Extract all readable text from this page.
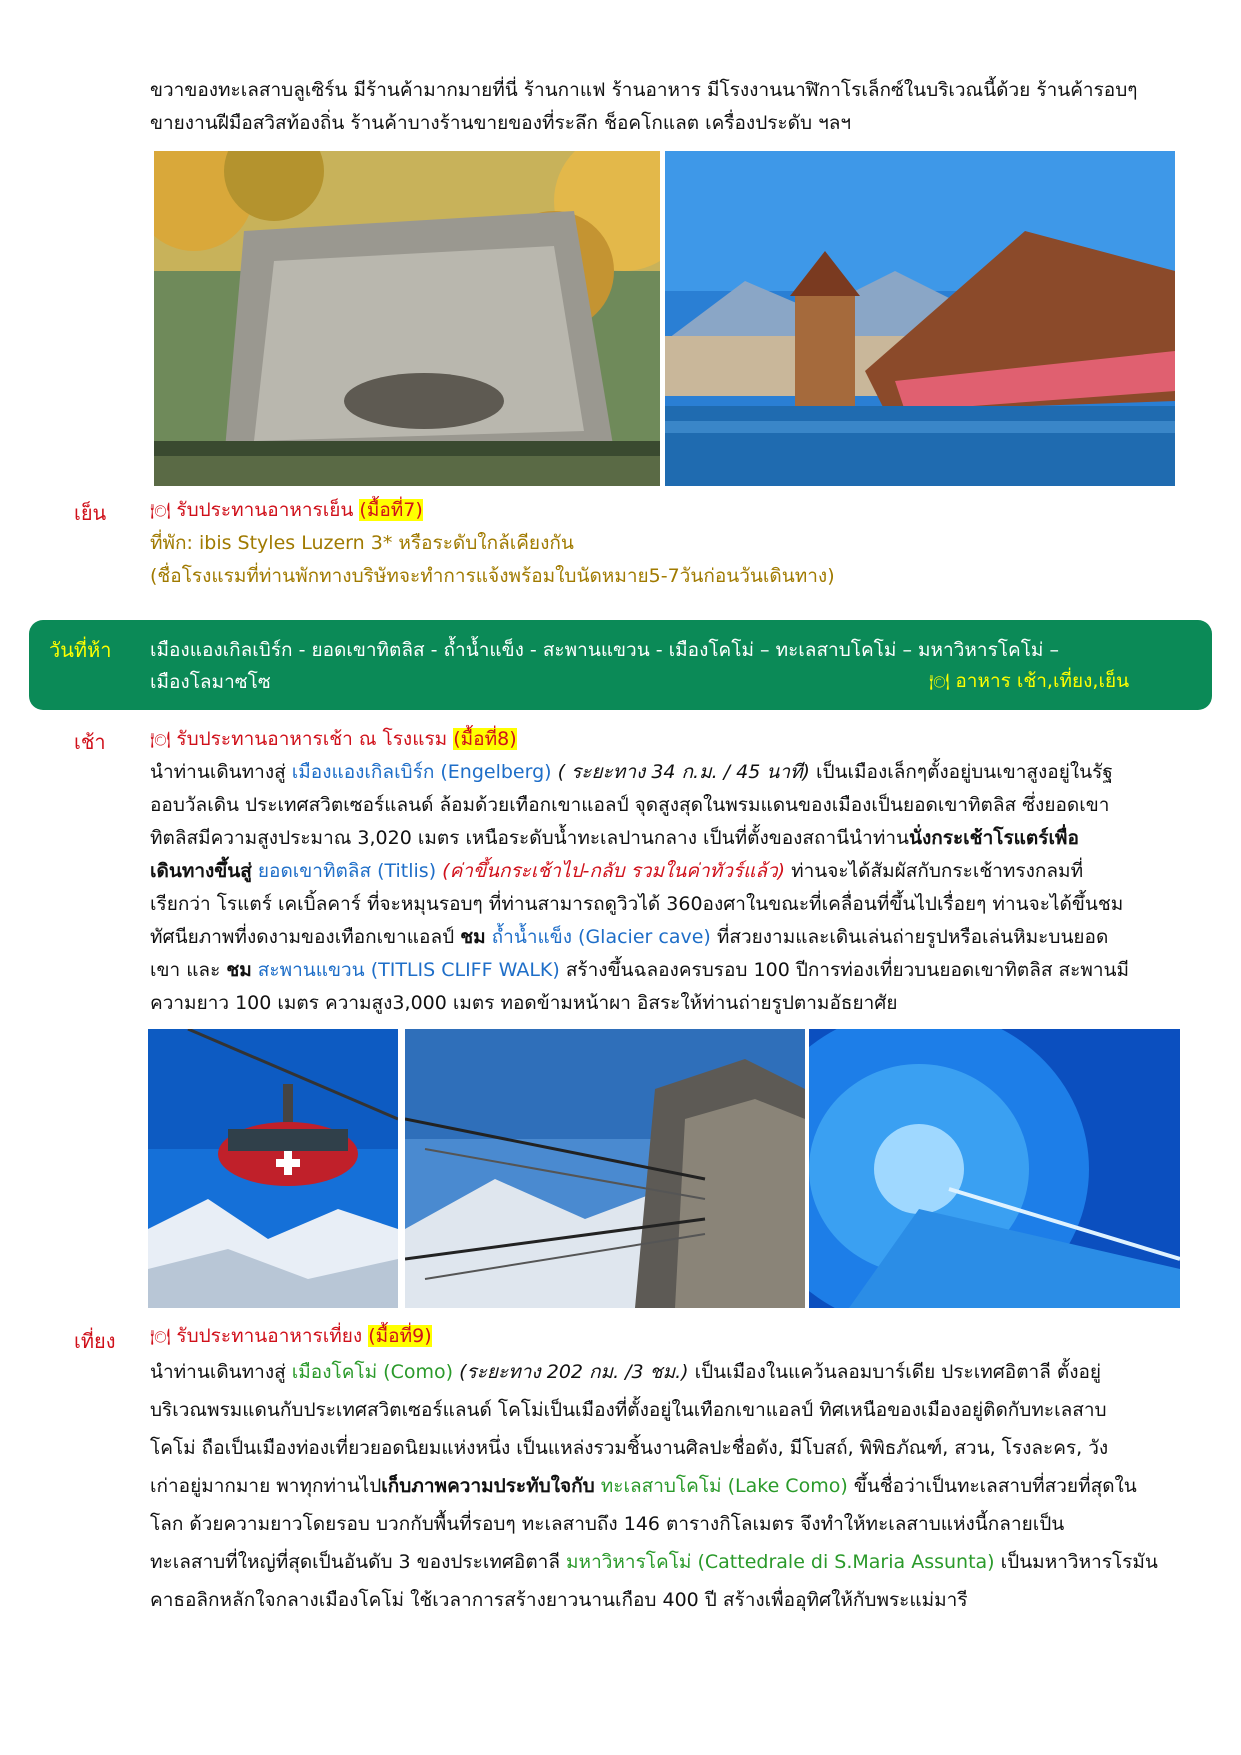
ขวาของทะเลสาบลูเซิร์น มีร้านค้ามากมายที่นี่ ร้านกาแฟ ร้านอาหาร มีโรงงานนาฬิกาโรเล็กซ์ในบริเวณนี้ด้วย ร้านค้ารอบๆ
ขายงานฝีมือสวิสท้องถิ่น ร้านค้าบางร้านขายของที่ระลึก ช็อคโกแลต เครื่องประดับ ฯลฯ
เย็น	🍽 รับประทานอาหารเย็น (มื้อที่7)
ที่พัก: ibis Styles Luzern 3* หรือระดับใกล้เคียงกัน
(ชื่อโรงแรมที่ท่านพักทางบริษัทจะทำการแจ้งพร้อมใบนัดหมาย5-7วันก่อนวันเดินทาง)
วันที่ห้า เมืองแองเกิลเบิร์ก - ยอดเขาทิตลิส - ถ้ำน้ำแข็ง - สะพานแขวน - เมืองโคโม่ – ทะเลสาบโคโม่ – มหาวิหารโคโม่ –
เมืองโลมาซโซ	🍽 อาหาร เช้า,เที่ยง,เย็น
เช้า	🍽 รับประทานอาหารเช้า ณ โรงแรม (มื้อที่8)
นำท่านเดินทางสู่ เมืองแองเกิลเบิร์ก (Engelberg) ( ระยะทาง 34 ก.ม. / 45 นาที) เป็นเมืองเล็กๆตั้งอยู่บนเขาสูงอยู่ในรัฐ
ออบวัลเดิน ประเทศสวิตเซอร์แลนด์ ล้อมด้วยเทือกเขาแอลป์ จุดสูงสุดในพรมแดนของเมืองเป็นยอดเขาทิตลิส ซึ่งยอดเขา
ทิตลิสมีความสูงประมาณ 3,020 เมตร เหนือระดับน้ำทะเลปานกลาง เป็นที่ตั้งของสถานีนำท่านนั่งกระเช้าโรแตร์เพื่อ
เดินทางขึ้นสู่ ยอดเขาทิตลิส (Titlis) (ค่าขึ้นกระเช้าไป-กลับ รวมในค่าทัวร์แล้ว) ท่านจะได้สัมผัสกับกระเช้าทรงกลมที่
เรียกว่า โรแตร์ เคเบิ้ลคาร์ ที่จะหมุนรอบๆ ที่ท่านสามารถดูวิวได้ 360องศาในขณะที่เคลื่อนที่ขึ้นไปเรื่อยๆ ท่านจะได้ขึ้นชม
ทัศนียภาพที่งดงามของเทือกเขาแอลป์ ชม ถ้ำน้ำแข็ง (Glacier cave) ที่สวยงามและเดินเล่นถ่ายรูปหรือเล่นหิมะบนยอด
เขา และ ชม สะพานแขวน (TITLIS CLIFF WALK) สร้างขึ้นฉลองครบรอบ 100 ปีการท่องเที่ยวบนยอดเขาทิตลิส สะพานมี
ความยาว 100 เมตร ความสูง3,000 เมตร ทอดข้ามหน้าผา อิสระให้ท่านถ่ายรูปตามอัธยาศัย
เที่ยง 🍽 รับประทานอาหารเที่ยง (มื้อที่9)
นำท่านเดินทางสู่ เมืองโคโม่ (Como) (ระยะทาง 202 กม. /3 ชม.) เป็นเมืองในแคว้นลอมบาร์เดีย ประเทศอิตาลี ตั้งอยู่
บริเวณพรมแดนกับประเทศสวิตเซอร์แลนด์ โคโม่เป็นเมืองที่ตั้งอยู่ในเทือกเขาแอลป์ ทิศเหนือของเมืองอยู่ติดกับทะเลสาบ
โคโม่ ถือเป็นเมืองท่องเที่ยวยอดนิยมแห่งหนึ่ง เป็นแหล่งรวมชิ้นงานศิลปะชื่อดัง, มีโบสถ์, พิพิธภัณฑ์, สวน, โรงละคร, วัง
เก่าอยู่มากมาย พาทุกท่านไปเก็บภาพความประทับใจกับ ทะเลสาบโคโม่ (Lake Como) ขึ้นชื่อว่าเป็นทะเลสาบที่สวยที่สุดใน
โลก ด้วยความยาวโดยรอบ บวกกับพื้นที่รอบๆ ทะเลสาบถึง 146 ตารางกิโลเมตร จึงทำให้ทะเลสาบแห่งนี้กลายเป็น
ทะเลสาบที่ใหญ่ที่สุดเป็นอันดับ 3 ของประเทศอิตาลี มหาวิหารโคโม่ (Cattedrale di S.Maria Assunta) เป็นมหาวิหารโรมัน
คาธอลิกหลักใจกลางเมืองโคโม่ ใช้เวลาการสร้างยาวนานเกือบ 400 ปี สร้างเพื่ออุทิศให้กับพระแม่มารี
